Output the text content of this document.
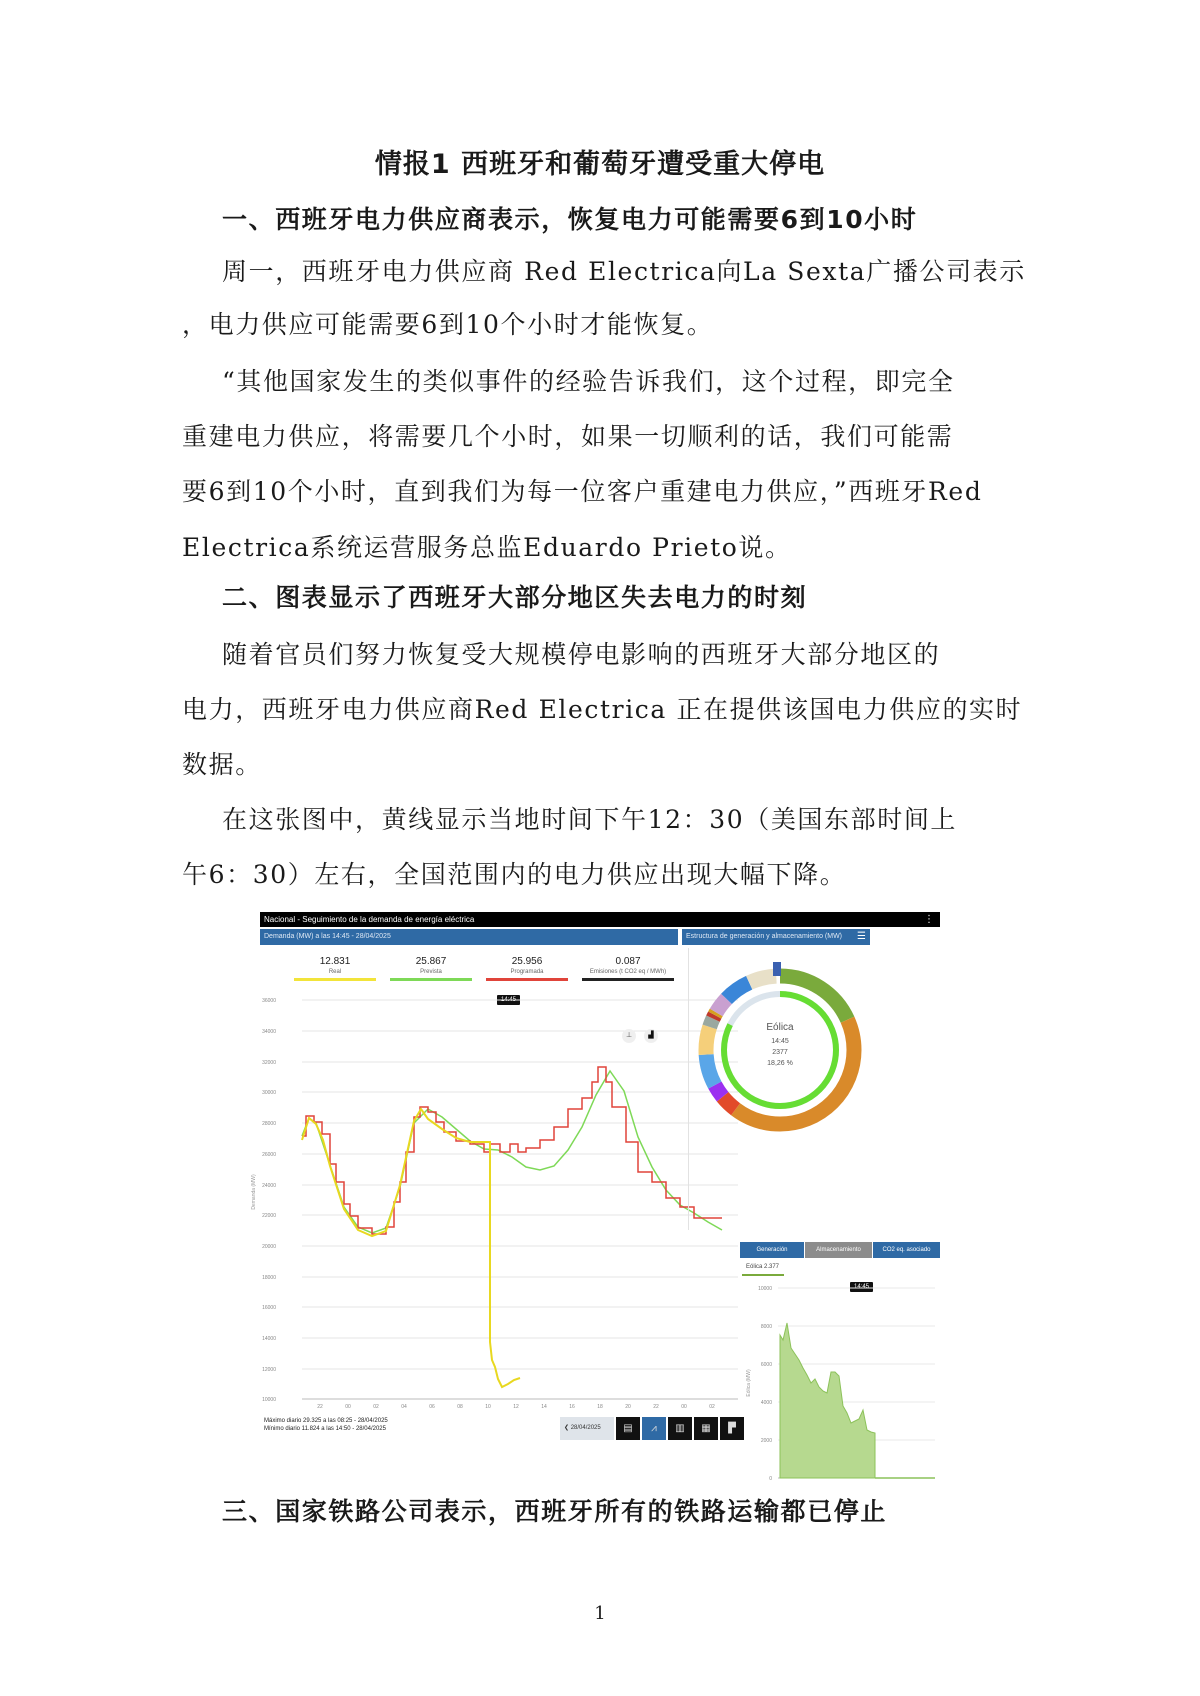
情报1 西班牙和葡萄牙遭受重大停电
一、西班牙电力供应商表示，恢复电力可能需要6到10小时
周一，西班牙电力供应商 Red Electrica向La Sexta广播公司表示
，电力供应可能需要6到10个小时才能恢复。
“其他国家发生的类似事件的经验告诉我们，这个过程，即完全
重建电力供应，将需要几个小时，如果一切顺利的话，我们可能需
要6到10个小时，直到我们为每一位客户重建电力供应，”西班牙Red
Electrica系统运营服务总监Eduardo Prieto说。
二、图表显示了西班牙大部分地区失去电力的时刻
随着官员们努力恢复受大规模停电影响的西班牙大部分地区的
电力，西班牙电力供应商Red Electrica 正在提供该国电力供应的实时
数据。
在这张图中，黄线显示当地时间下午12：30（美国东部时间上
午6：30）左右，全国范围内的电力供应出现大幅下降。
Nacional - Seguimiento de la demanda de energía eléctrica	⋮
Demanda (MW) a las 14:45 - 28/04/2025	Estructura de generación y almacenamiento (MW) ☰
12.831
Real
25.867
Prevista
25.956
Programada
0.087
Emisiones (t CO2 eq / MWh)
14:45
36000
34000
32000
30000
28000
26000
24000
22000
20000
18000
16000
14000
12000
10000
Demanda (MW)
22	00	02	04	06	08	10	12	14	16	18	20	22	00	02
⊥	▟
Eólica
14:45
2377
18,26 %
Generación	Almacenamiento	CO2 eq. asociado
Eólica 2.377
14:45
10000
8000
6000
4000
2000
0
Eólica (MW)
Máximo diario 29.325 a las 08:25 - 28/04/2025
Mínimo diario 11.824 a las 14:50 - 28/04/2025	❮ 28/04/2025	▤	⩘	▥	▦	▛
三、国家铁路公司表示，西班牙所有的铁路运输都已停止
1
